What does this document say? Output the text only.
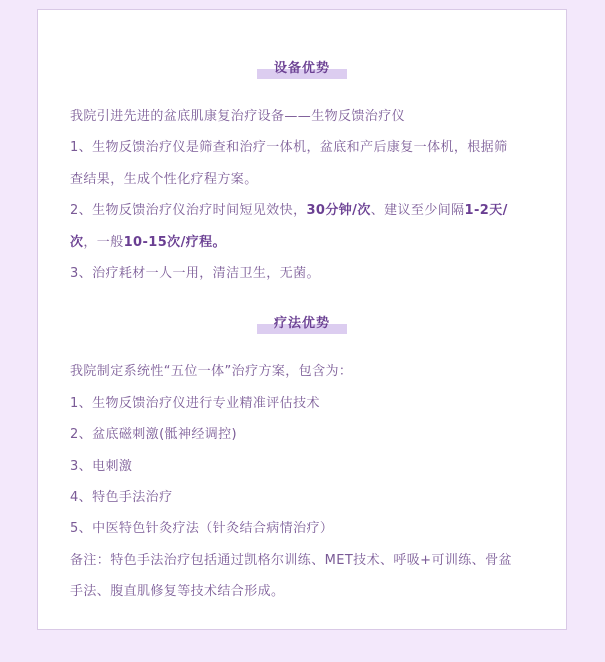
设备优势
我院引进先进的盆底肌康复治疗设备——生物反馈治疗仪
1、生物反馈治疗仪是筛查和治疗一体机，盆底和产后康复一体机，根据筛
查结果，生成个性化疗程方案。
2、生物反馈治疗仪治疗时间短见效快，30分钟/次、建议至少间隔1-2天/
次，一般10-15次/疗程。
3、治疗耗材一人一用，清洁卫生，无菌。
疗法优势
我院制定系统性“五位一体”治疗方案，包含为：
1、生物反馈治疗仪进行专业精准评估技术
2、盆底磁刺激(骶神经调控)
3、电刺激
4、特色手法治疗
5、中医特色针灸疗法（针灸结合病情治疗）
备注：特色手法治疗包括通过凯格尔训练、MET技术、呼吸+可训练、骨盆
手法、腹直肌修复等技术结合形成。
